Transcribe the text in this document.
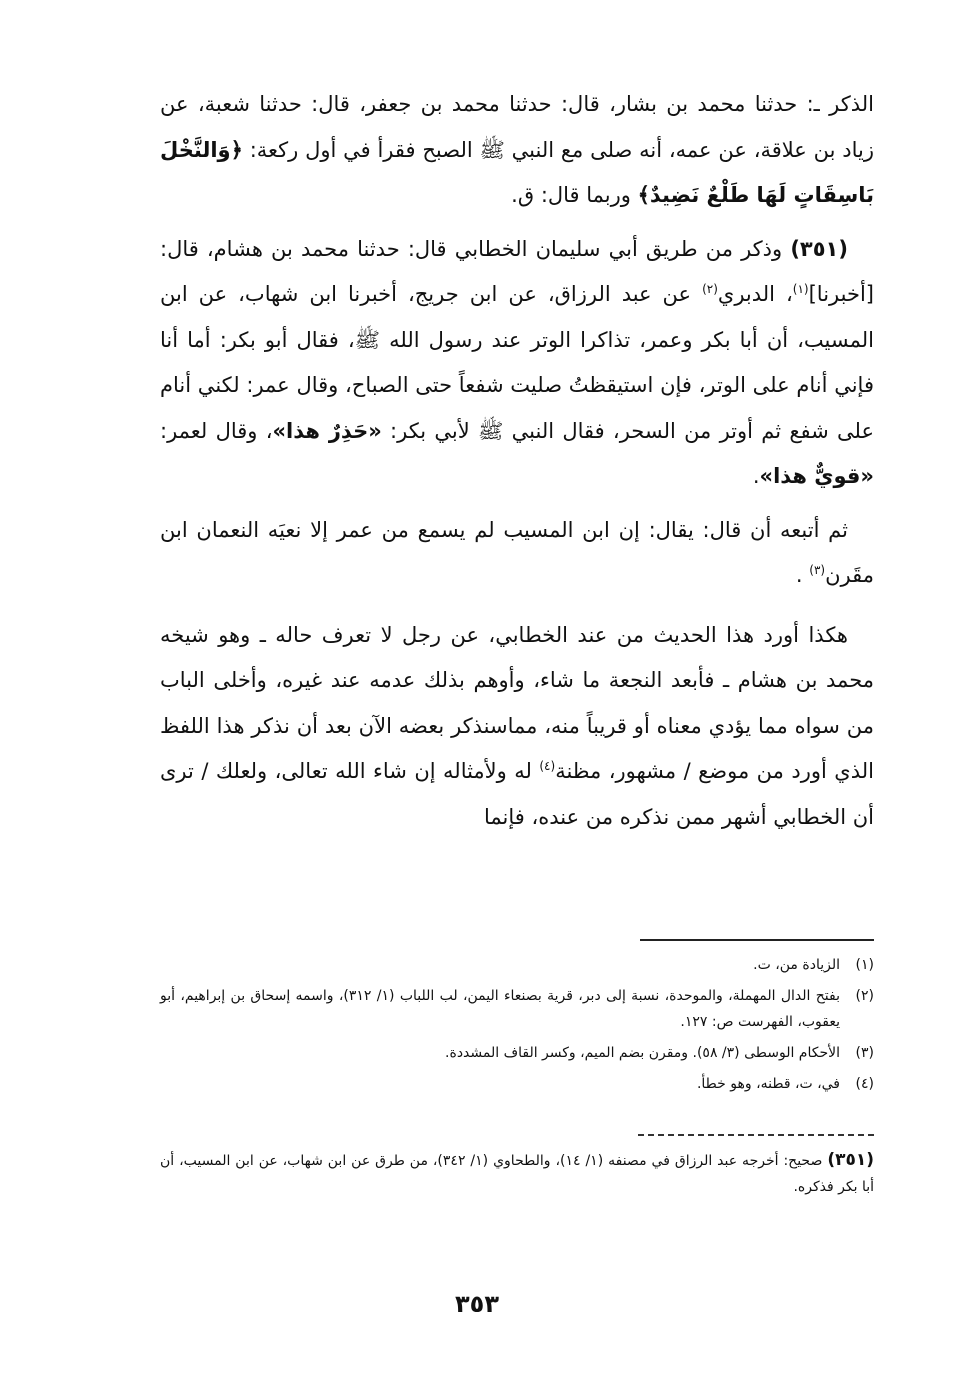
الذكر ـ: حدثنا محمد بن بشار، قال: حدثنا محمد بن جعفر، قال: حدثنا شعبة، عن زياد بن علاقة، عن عمه، أنه صلى مع النبي ﷺ الصبح فقرأ في أول ركعة: ﴿وَالنَّخْلَ بَاسِقَاتٍ لَهَا طَلْعٌ نَضِيدٌ﴾ وربما قال: ق.

(٣٥١) وذكر من طريق أبي سليمان الخطابي قال: حدثنا محمد بن هشام، قال: [أخبرنا]$^{(١)}$، الدبري$^{(٢)}$ عن عبد الرزاق، عن ابن جريج، أخبرنا ابن شهاب، عن ابن المسيب، أن أبا بكر وعمر، تذاكرا الوتر عند رسول الله ﷺ، فقال أبو بكر: أما أنا فإني أنام على الوتر، فإن استيقظتُ صليت شفعاً حتى الصباح، وقال عمر: لكني أنام على شفع ثم أوتر من السحر، فقال النبي ﷺ لأبي بكر: «حَذِرٌ هذا»، وقال لعمر: «قويٌّ هذا».

ثم أتبعه أن قال: يقال: إن ابن المسيب لم يسمع من عمر إلا نعيَه النعمان ابن مقَرن$^{(٣)}$ .

هكذا أورد هذا الحديث من عند الخطابي، عن رجل لا تعرف حاله ـ وهو شيخه محمد بن هشام ـ فأبعد النجعة ما شاء، وأوهم بذلك عدمه عند غيره، وأخلى الباب من سواه مما يؤدي معناه أو قريباً منه، مماسنذكر بعضه الآن بعد أن نذكر هذا اللفظ الذي أورد من موضع / مشهور، مظنة$^{(٤)}$ له ولأمثاله إن شاء الله تعالى، ولعلك / ترى أن الخطابي أشهر ممن نذكره من عنده، فإنما

(١)
الزيادة من، ت.
(٢)
بفتح الدال المهملة، والموحدة، نسبة إلى دبر، قرية بصنعاء اليمن، لب اللباب (١/ ٣١٢)، واسمه إسحاق بن إبراهيم، أبو يعقوب، الفهرست ص: ١٢٧.
(٣)
الأحكام الوسطى (٣/ ٥٨). ومقرن بضم الميم، وكسر القاف المشددة.
(٤)
في، ت، قطنه، وهو خطأ.
(٣٥١) صحيح: أخرجه عبد الرزاق في مصنفه (١/ ١٤)، والطحاوي (١/ ٣٤٢)، من طرق عن ابن شهاب، عن ابن المسيب، أن أبا بكر فذكره.
٣٥٣
